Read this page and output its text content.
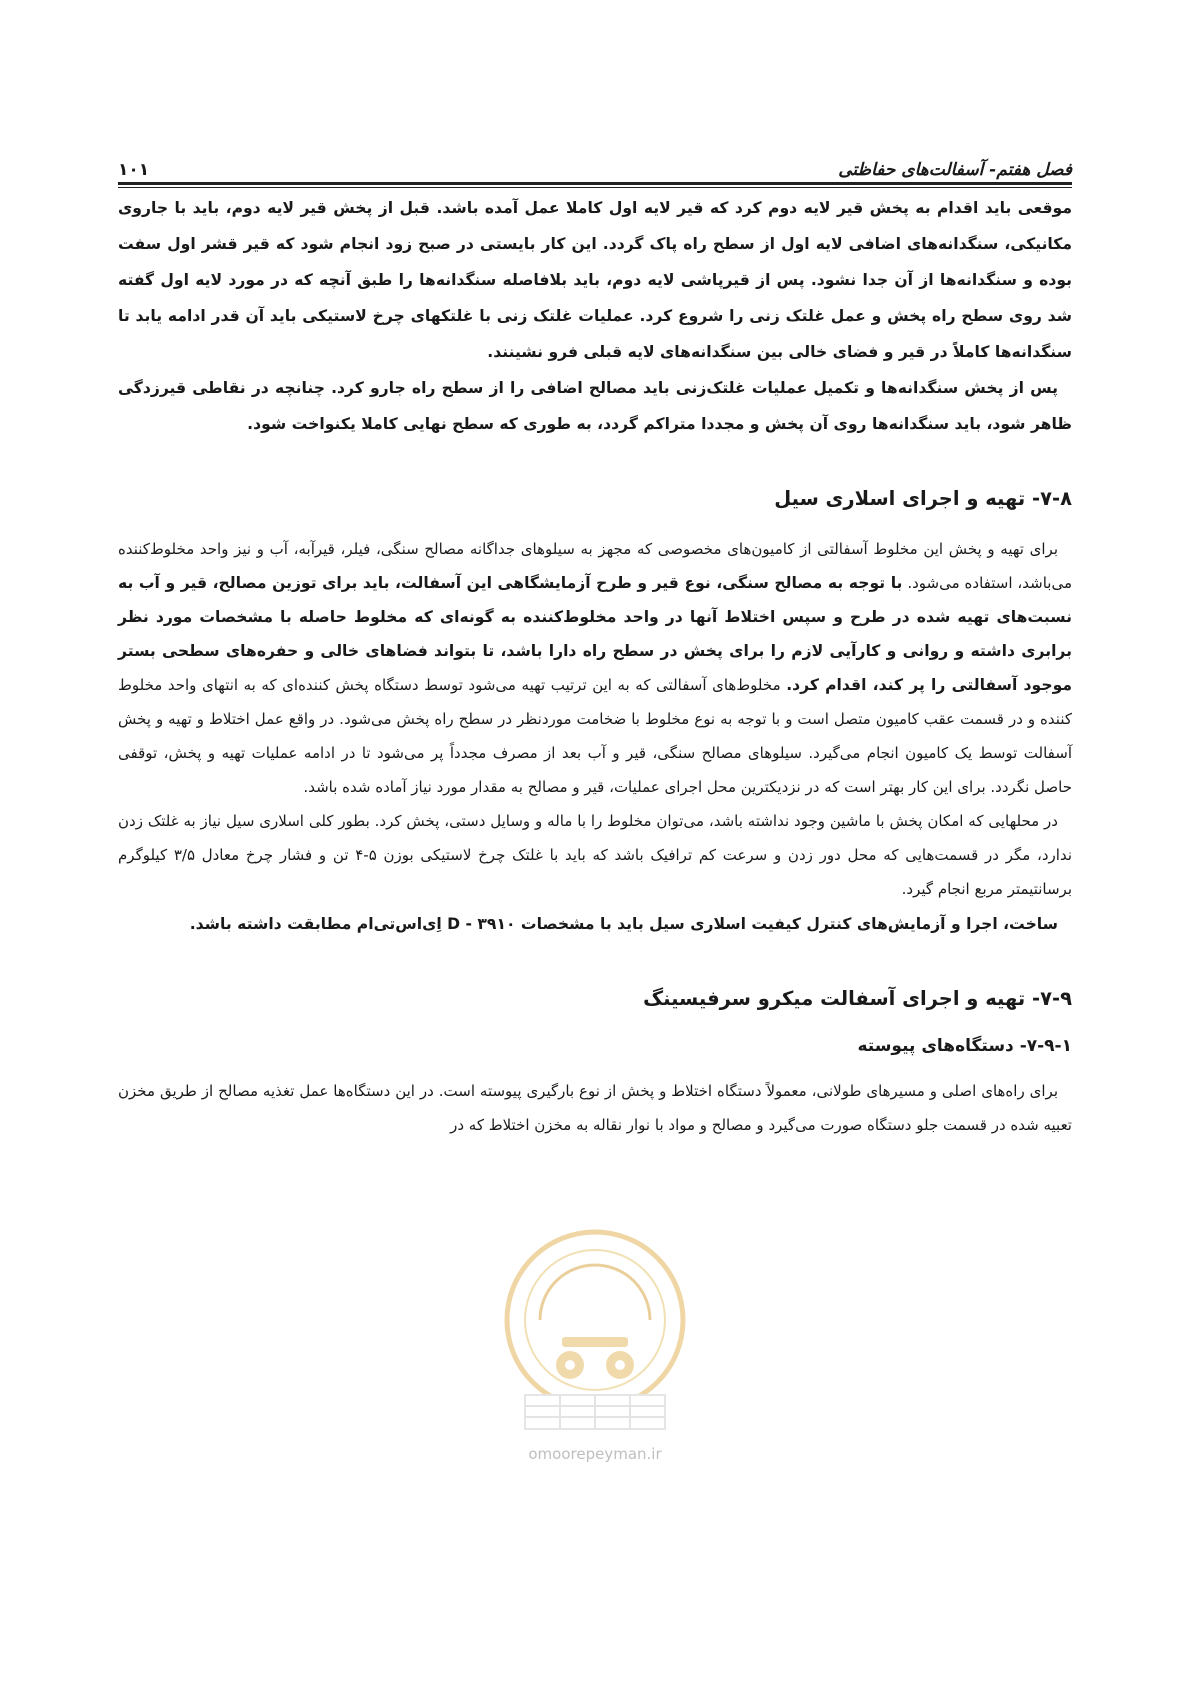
۱۰۱	فصل هفتم- آسفالت‌های حفاظتی

موقعی باید اقدام به پخش قیر لایه دوم کرد که قیر لایه اول کاملا عمل آمده باشد. قبل از پخش قیر لایه دوم، باید با جاروی مکانیکی، سنگدانه‌های اضافی لایه اول از سطح راه پاک گردد. این کار بایستی در صبح زود انجام شود که قیر قشر اول سفت بوده و سنگدانه‌ها از آن جدا نشود. پس از قیرپاشی لایه دوم، باید بلافاصله سنگدانه‌ها را طبق آنچه که در مورد لایه اول گفته شد روی سطح راه پخش و عمل غلتک زنی را شروع کرد. عملیات غلتک زنی با غلتکهای چرخ لاستیکی باید آن قدر ادامه یابد تا سنگدانه‌ها کاملاً در قیر و فضای خالی بین سنگدانه‌های لایه قبلی فرو نشینند.

پس از پخش سنگدانه‌ها و تکمیل عملیات غلتک‌زنی باید مصالح اضافی را از سطح راه جارو کرد. چنانچه در نقاطی قیرزدگی ظاهر شود، باید سنگدانه‌ها روی آن پخش و مجددا متراکم گردد، به طوری که سطح نهایی کاملا یکنواخت شود.

۷-۸- تهیه و اجرای اسلاری سیل

برای تهیه و پخش این مخلوط آسفالتی از کامیون‌های مخصوصی که مجهز به سیلوهای جداگانه مصالح سنگی، فیلر، قیرآبه، آب و نیز واحد مخلوط‌کننده می‌باشد، استفاده می‌شود. با توجه به مصالح سنگی، نوع قیر و طرح آزمایشگاهی این آسفالت، باید برای توزین مصالح، قیر و آب به نسبت‌های تهیه شده در طرح و سپس اختلاط آنها در واحد مخلوط‌کننده به گونه‌ای که مخلوط حاصله با مشخصات مورد نظر برابری داشته و روانی و کارآیی لازم را برای پخش در سطح راه دارا باشد، تا بتواند فضاهای خالی و حفره‌های سطحی بستر موجود آسفالتی را پر کند، اقدام کرد. مخلوط‌های آسفالتی که به این ترتیب تهیه می‌شود توسط دستگاه پخش کننده‌ای که به انتهای واحد مخلوط کننده و در قسمت عقب کامیون متصل است و با توجه به نوع مخلوط با ضخامت موردنظر در سطح راه پخش می‌شود. در واقع عمل اختلاط و تهیه و پخش آسفالت توسط یک کامیون انجام می‌گیرد. سیلوهای مصالح سنگی، قیر و آب بعد از مصرف مجدداً پر می‌شود تا در ادامه عملیات تهیه و پخش، توقفی حاصل نگردد. برای این کار بهتر است که در نزدیکترین محل اجرای عملیات، قیر و مصالح به مقدار مورد نیاز آماده شده باشد.

در محلهایی که امکان پخش با ماشین وجود نداشته باشد، می‌توان مخلوط را با ماله و وسایل دستی، پخش کرد. بطور کلی اسلاری سیل نیاز به غلتک زدن ندارد، مگر در قسمت‌هایی که محل دور زدن و سرعت کم ترافیک باشد که باید با غلتک چرخ لاستیکی بوزن ۵-۴ تن و فشار چرخ معادل ۳/۵ کیلوگرم برسانتیمتر مربع انجام گیرد.

ساخت، اجرا و آزمایش‌های کنترل کیفیت اسلاری سیل باید با مشخصات D - ۳۹۱۰ اِی‌اس‌تی‌ام مطابقت داشته باشد.

۷-۹- تهیه و اجرای آسفالت میکرو سرفیسینگ
۷-۹-۱- دستگاه‌های پیوسته

برای راه‌های اصلی و مسیرهای طولانی، معمولاً دستگاه اختلاط و پخش از نوع بارگیری پیوسته است. در این دستگاه‌ها عمل تغذیه مصالح از طریق مخزن تعبیه شده در قسمت جلو دستگاه صورت می‌گیرد و مصالح و مواد با نوار نقاله به مخزن اختلاط که در

omoorepeyman.ir
